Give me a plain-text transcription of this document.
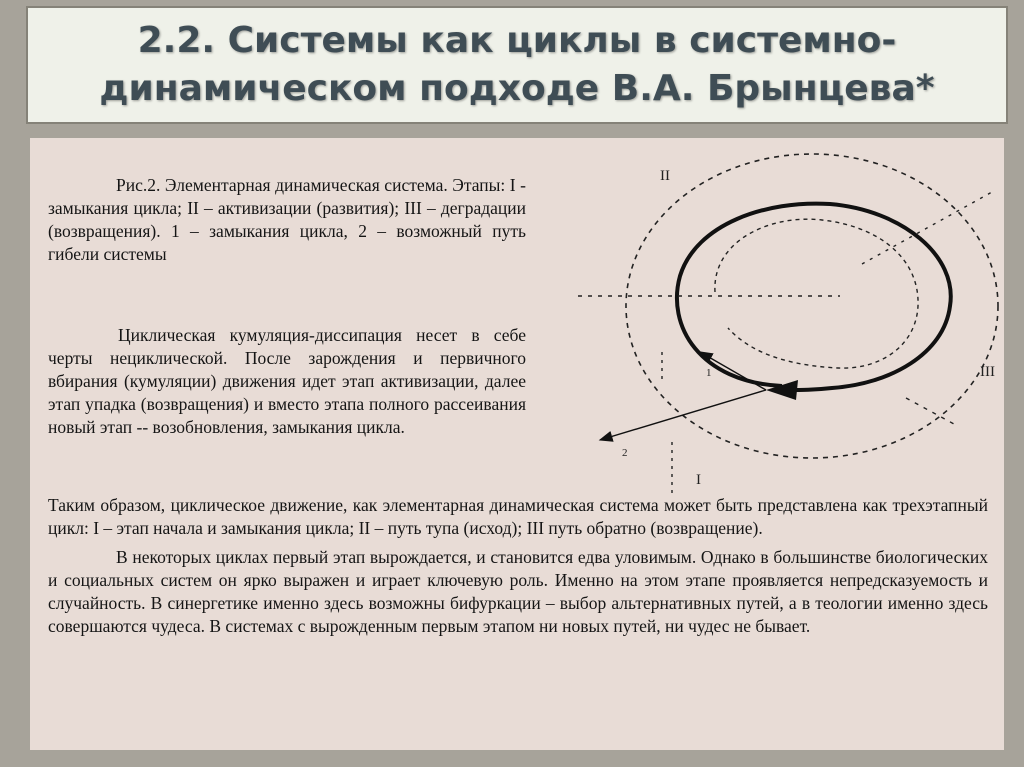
2.2. Системы как циклы в системно-
динамическом подходе В.А. Брынцева*

Рис.2. Элементарная динамическая система. Этапы: I - замыкания цикла; II – активизации (развития); III – деградации (возвращения). 1 – замыкания цикла, 2 – возможный путь гибели системы

II
III
I
1
2

Циклическая кумуляция-диссипация несет в себе черты нециклической. После зарождения и первичного вбирания (кумуляции) движения идет этап активизации, далее этап упадка (возвращения) и вместо этапа полного рассеивания новый этап -- возобновления, замыкания цикла.

Таким образом, циклическое движение, как элементарная динамическая система может быть представлена как трехэтапный цикл: I – этап начала и замыкания цикла; II – путь тупа (исход); III путь обратно (возвращение).

В некоторых циклах первый этап вырождается, и становится едва уловимым. Однако в большинстве биологических и социальных систем он ярко выражен и играет ключевую роль. Именно на этом этапе проявляется непредсказуемость и случайность. В синергетике именно здесь возможны бифуркации – выбор альтернативных путей, а в теологии именно здесь совершаются чудеса. В системах с вырожденным первым этапом ни новых путей, ни чудес не бывает.
